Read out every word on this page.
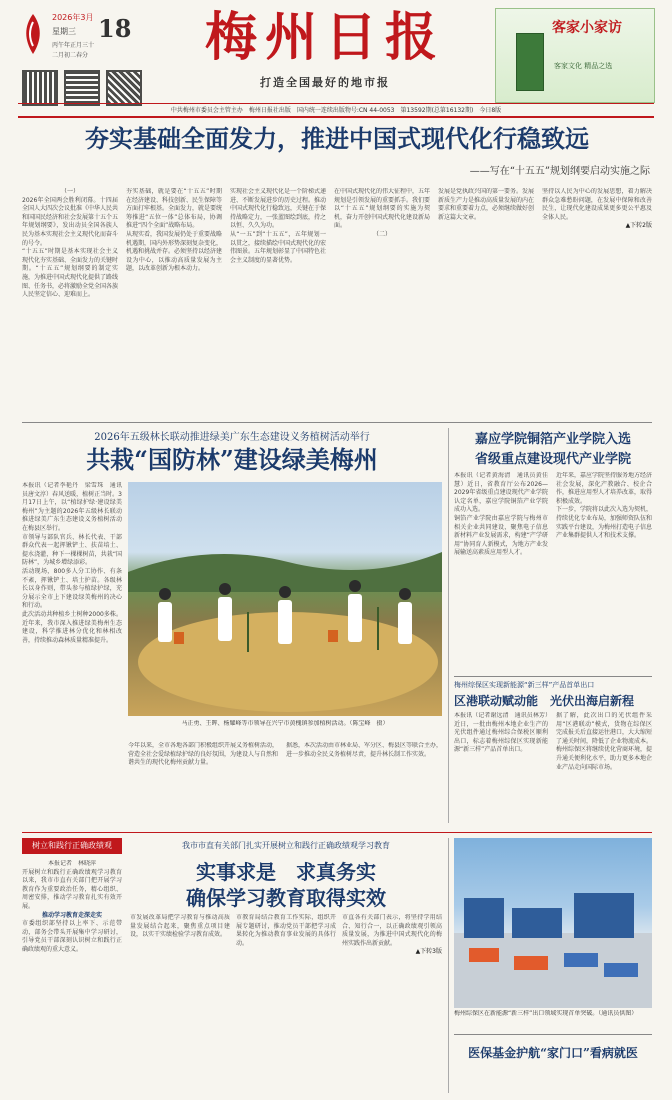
2026年3月
星期三 18
丙午年正月三十
二月初二春分 梅州日报
打造全国最好的地市报
客家小家访
客家文化 精品之选
中共梅州市委员会主管主办　梅州日报社出版　国内统一连续出版物号:CN 44-0053　第13592期(总第16132期)　今日8版
夯实基础全面发力，推进中国式现代化行稳致远
——写在“十五五”规划纲要启动实施之际
（一）
2026年全国两会胜利闭幕。十四届全国人大四次会议批准《中华人民共和国国民经济和社会发展第十五个五年规划纲要》，发出动员全国各族人民为基本实现社会主义现代化而奋斗的号令。
“十五五”时期是基本实现社会主义现代化夯实基础、全面发力的关键时期。“十五五”规划纲要的制定实施，为推进中国式现代化提供了路线图、任务书，必将激励全党全国各族人民坚定信心、迎难而上。
夯实基础，就是要在“十五五”时期在经济建设、科技创新、民生保障等方面打牢根基。全面发力，就是要统筹推进“五位一体”总体布局，协调推进“四个全面”战略布局。
从现实看，我国发展仍处于重要战略机遇期，国内外形势深刻复杂变化，机遇和挑战并存。必须坚持以经济建设为中心，以推动高质量发展为主题，以改革创新为根本动力。
实现社会主义现代化是一个阶梯式递进、不断发展进步的历史过程。推动中国式现代化行稳致远，关键在于保持战略定力，一张蓝图绘到底，持之以恒、久久为功。
从“一五”到“十五五”，五年规划一以贯之，接续描绘中国式现代化的宏伟图景。五年规划彰显了中国特色社会主义制度的显著优势。
在中国式现代化的伟大征程中，五年规划是引领发展的重要抓手。我们要以“十五五”规划纲要的实施为契机，奋力开创中国式现代化建设新局面。
（二）
发展是党执政兴国的第一要务。发展新质生产力是推动高质量发展的内在要求和重要着力点，必须继续做好创新这篇大文章。
坚持以人民为中心的发展思想，着力解决群众急难愁盼问题，在发展中保障和改善民生，让现代化建设成果更多更公平惠及全体人民。
▲下转2版
2026年五级林长联动推进绿美广东生态建设义务植树活动举行
共栽“国防林”建设绿美梅州
本报讯（记者李艳丹　梁雪珠　通讯员唐文淳）春风送暖，植树正当时。3月17日上午，以“植绿护绿·建设绿美梅州”为主题的2026年五级林长联动推进绿美广东生态建设义务植树活动在梅县区举行。
市领导与部队官兵、林长代表、干部群众代表一起挥锹铲土、扶苗培土、提水浇灌，种下一棵棵树苗，共栽“国防林”，为城乡增绿添彩。
活动现场，800多人分工协作、有条不紊，挥锹铲土、培土护苗。各级林长以身作则，带头参与植绿护绿，充分展示全市上下建设绿美梅州的决心和行动。
此次活动共种植乡土树种2000多株。近年来，我市深入推进绿美梅州生态建设，科学推进林分优化和林相改善，持续推动森林质量精准提升。
马正勇、王晖、杨耀峰等市领导在兴宁市黄槐镇参加植树活动。（陈宝峰　摄）
今年以来，全市各地各部门积极组织开展义务植树活动，营造全社会爱绿植绿护绿的良好氛围，为建设人与自然和谐共生的现代化梅州贡献力量。
据悉，本次活动由市林业局、军分区、梅县区等联合主办，进一步推动全民义务植树尽责，提升林长制工作实效。
嘉应学院铜箔产业学院入选
省级重点建设现代产业学院
本报讯（记者黄海清　通讯员黄佳慧）近日，省教育厅公布2026—2029年省级重点建设现代产业学院认定名单，嘉应学院铜箔产业学院成功入选。
铜箔产业学院由嘉应学院与梅州市相关企业共同建设，聚焦电子信息新材料产业发展需求，构建“产学研用”协同育人新模式，为地方产业发展输送高素质应用型人才。
近年来，嘉应学院坚持服务地方经济社会发展，深化产教融合、校企合作，推进应用型人才培养改革，取得积极成效。
下一步，学院将以此次入选为契机，持续优化专业布局，加强师资队伍和实践平台建设，为梅州打造电子信息产业集群提供人才和技术支撑。
梅州综保区实现新能源“新三样”产品首单出口
区港联动赋动能　光伏出海启新程
本报讯（记者谢远清　通讯员林芳）近日，一批由梅州本地企业生产的光伏组件通过梅州综合保税区顺利出口，标志着梅州综保区实现新能源“新三样”产品首单出口。
据了解，此次出口的光伏组件采用“区港联动”模式，货物在综保区完成报关后直接运往港口，大大缩短了通关时间，降低了企业物流成本。
梅州综保区将继续优化营商环境，提升通关便利化水平，助力更多本地企业产品走向国际市场。
树立和践行正确政绩观	我市市直有关部门扎实开展树立和践行正确政绩观学习教育
实事求是　求真务实
确保学习教育取得实效
本报记者　林晓萍
开展树立和践行正确政绩观学习教育以来，我市市直有关部门把开展学习教育作为重要政治任务，精心组织、周密安排，推动学习教育扎实有效开展。
推动学习教育走深走实
市委组织部坚持以上率下、示范带动，部务会带头开展集中学习研讨，引导党员干部深刻认识树立和践行正确政绩观的重大意义。
市发展改革局把学习教育与推动高质量发展结合起来，聚焦重点项目建设，以实干实绩检验学习教育成效。
市教育局结合教育工作实际，组织开展专题研讨，推动党员干部把学习成果转化为推动教育事业发展的具体行动。
市直各有关部门表示，将坚持学用结合、知行合一，以正确政绩观引领高质量发展，为推进中国式现代化的梅州实践作出新贡献。
▲下转3版
梅州综保区在新能源“新三样”出口领域实现首单突破。（通讯员供图）
医保基金护航“家门口”看病就医
